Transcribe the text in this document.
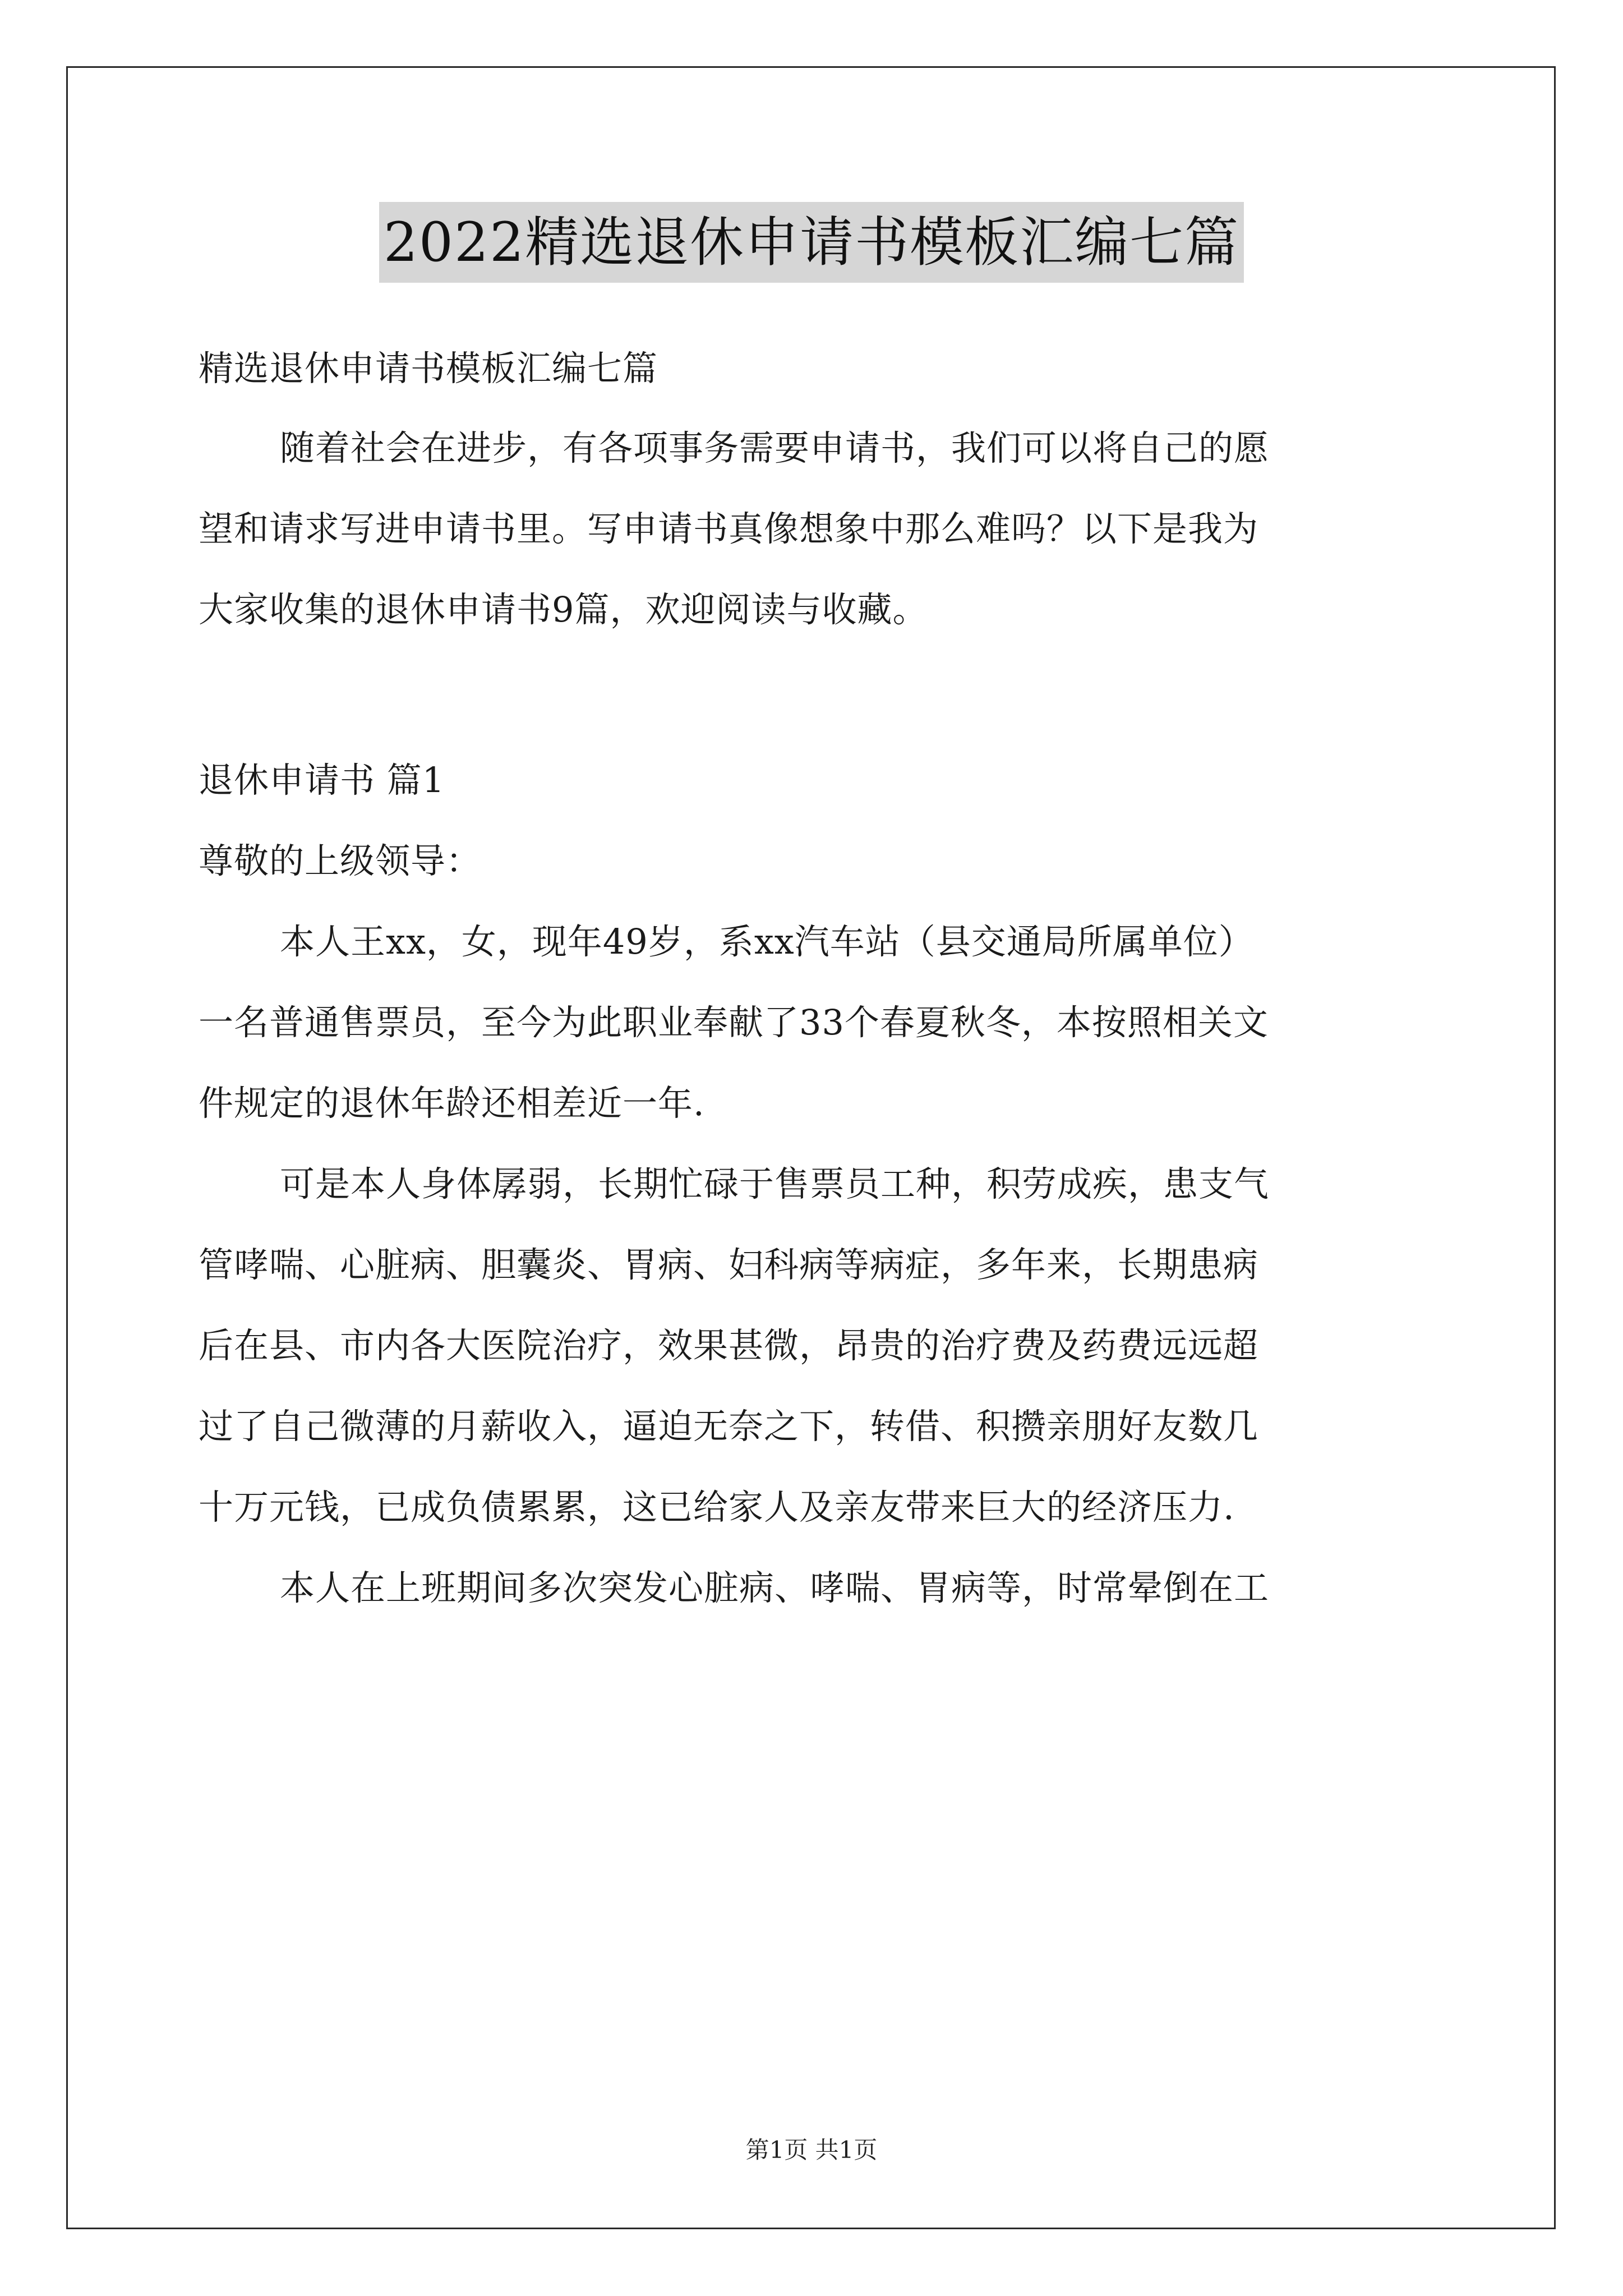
2022精选退休申请书模板汇编七篇
精选退休申请书模板汇编七篇
随着社会在进步，有各项事务需要申请书，我们可以将自己的愿
望和请求写进申请书里。写申请书真像想象中那么难吗？以下是我为
大家收集的退休申请书9篇，欢迎阅读与收藏。
退休申请书 篇1
尊敬的上级领导：
本人王xx，女，现年49岁，系xx汽车站（县交通局所属单位）
一名普通售票员，至今为此职业奉献了33个春夏秋冬，本按照相关文
件规定的退休年龄还相差近一年.
可是本人身体孱弱，长期忙碌于售票员工种，积劳成疾，患支气
管哮喘、心脏病、胆囊炎、胃病、妇科病等病症，多年来，长期患病
后在县、市内各大医院治疗，效果甚微，昂贵的治疗费及药费远远超
过了自己微薄的月薪收入，逼迫无奈之下，转借、积攒亲朋好友数几
十万元钱，已成负债累累，这已给家人及亲友带来巨大的经济压力.
本人在上班期间多次突发心脏病、哮喘、胃病等，时常晕倒在工
第1页 共1页
